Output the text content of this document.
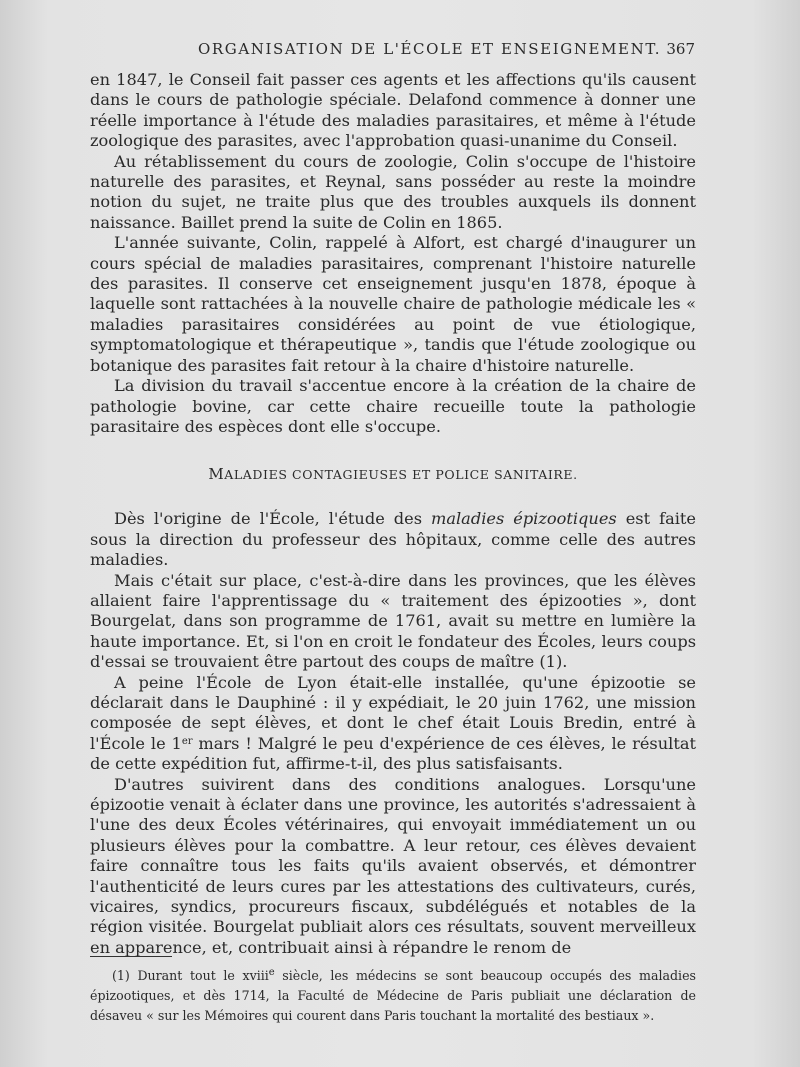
ORGANISATION DE L'ÉCOLE ET ENSEIGNEMENT. 367

en 1847, le Conseil fait passer ces agents et les affections qu'ils causent dans le cours de pathologie spéciale. Delafond commence à donner une réelle importance à l'étude des maladies parasitaires, et même à l'étude zoologique des parasites, avec l'approbation quasi-unanime du Conseil.

Au rétablissement du cours de zoologie, Colin s'occupe de l'histoire naturelle des parasites, et Reynal, sans posséder au reste la moindre notion du sujet, ne traite plus que des troubles auxquels ils donnent naissance. Baillet prend la suite de Colin en 1865.

L'année suivante, Colin, rappelé à Alfort, est chargé d'inaugurer un cours spécial de maladies parasitaires, comprenant l'histoire naturelle des parasites. Il conserve cet enseignement jusqu'en 1878, époque à laquelle sont rattachées à la nouvelle chaire de pathologie médicale les « maladies parasitaires considérées au point de vue étiologique, symptomatologique et thérapeutique », tandis que l'étude zoologique ou botanique des parasites fait retour à la chaire d'histoire naturelle.

La division du travail s'accentue encore à la création de la chaire de pathologie bovine, car cette chaire recueille toute la pathologie parasitaire des espèces dont elle s'occupe.

MALADIES CONTAGIEUSES ET POLICE SANITAIRE.

Dès l'origine de l'École, l'étude des maladies épizootiques est faite sous la direction du professeur des hôpitaux, comme celle des autres maladies.

Mais c'était sur place, c'est-à-dire dans les provinces, que les élèves allaient faire l'apprentissage du « traitement des épizooties », dont Bourgelat, dans son programme de 1761, avait su mettre en lumière la haute importance. Et, si l'on en croit le fondateur des Écoles, leurs coups d'essai se trouvaient être partout des coups de maître (1).

A peine l'École de Lyon était-elle installée, qu'une épizootie se déclarait dans le Dauphiné : il y expédiait, le 20 juin 1762, une mission composée de sept élèves, et dont le chef était Louis Bredin, entré à l'École le 1er mars ! Malgré le peu d'expérience de ces élèves, le résultat de cette expédition fut, affirme-t-il, des plus satisfaisants.

D'autres suivirent dans des conditions analogues. Lorsqu'une épizootie venait à éclater dans une province, les autorités s'adressaient à l'une des deux Écoles vétérinaires, qui envoyait immédiatement un ou plusieurs élèves pour la combattre. A leur retour, ces élèves devaient faire connaître tous les faits qu'ils avaient observés, et démontrer l'authenticité de leurs cures par les attestations des cultivateurs, curés, vicaires, syndics, procureurs fiscaux, subdélégués et notables de la région visitée. Bourgelat publiait alors ces résultats, souvent merveilleux en apparence, et, contribuait ainsi à répandre le renom de

(1) Durant tout le xviii$^e$ siècle, les médecins se sont beaucoup occupés des maladies épizootiques, et dès 1714, la Faculté de Médecine de Paris publiait une déclaration de désaveu « sur les Mémoires qui courent dans Paris touchant la mortalité des bestiaux ».
